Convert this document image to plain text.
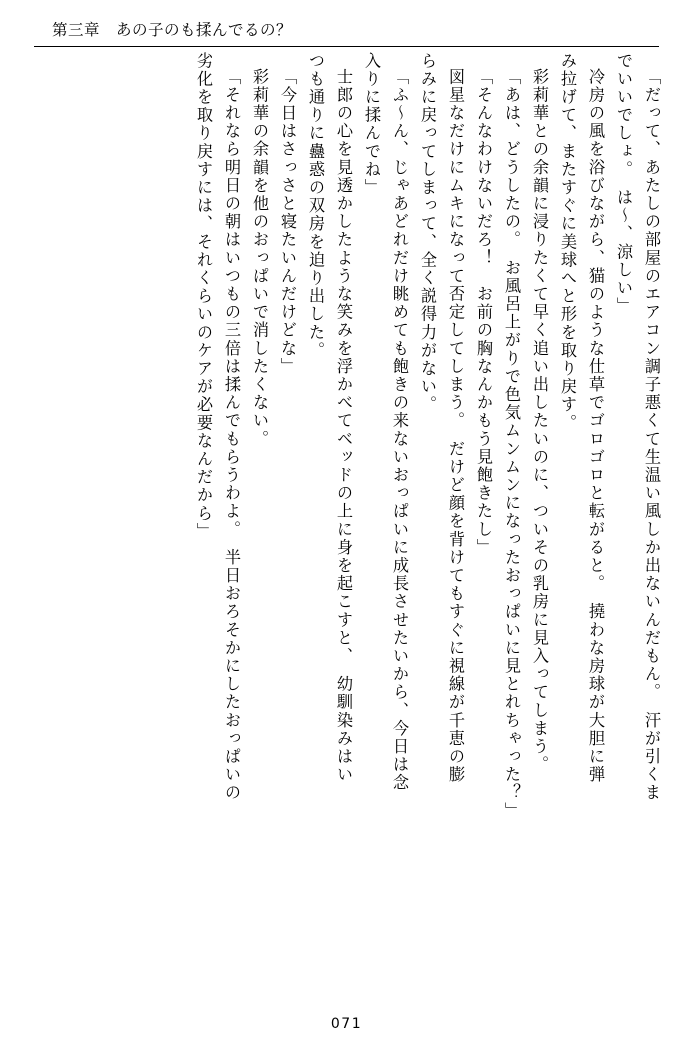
第三章　あの子のも揉んでるの？
「だって、あたしの部屋のエアコン調子悪くて生温い風しか出ないんだもん。　汗が引くま
でいいでしょ。　は〜、涼しい」
冷房の風を浴びながら、猫のような仕草でゴロゴロと転がると。　撓わな房球が大胆に弾
み拉げて、またすぐに美球へと形を取り戻す。
彩莉華との余韻に浸りたくて早く追い出したいのに、ついその乳房に見入ってしまう。
「あは、どうしたの。　お風呂上がりで色気ムンムンになったおっぱいに見とれちゃった？」
「そんなわけないだろ！　お前の胸なんかもう見飽きたし」
図星なだけにムキになって否定してしまう。　だけど顔を背けてもすぐに視線が千恵の膨
らみに戻ってしまって、全く説得力がない。
「ふ〜ん、じゃあどれだけ眺めても飽きの来ないおっぱいに成長させたいから、今日は念
入りに揉んでね」
士郎の心を見透かしたような笑みを浮かべてベッドの上に身を起こすと、　幼馴染みはい
つも通りに蠱惑の双房を迫り出した。
「今日はさっさと寝たいんだけどな」
彩莉華の余韻を他のおっぱいで消したくない。
「それなら明日の朝はいつもの三倍は揉んでもらうわよ。　半日おろそかにしたおっぱいの
劣化を取り戻すには、それくらいのケアが必要なんだから」
071
